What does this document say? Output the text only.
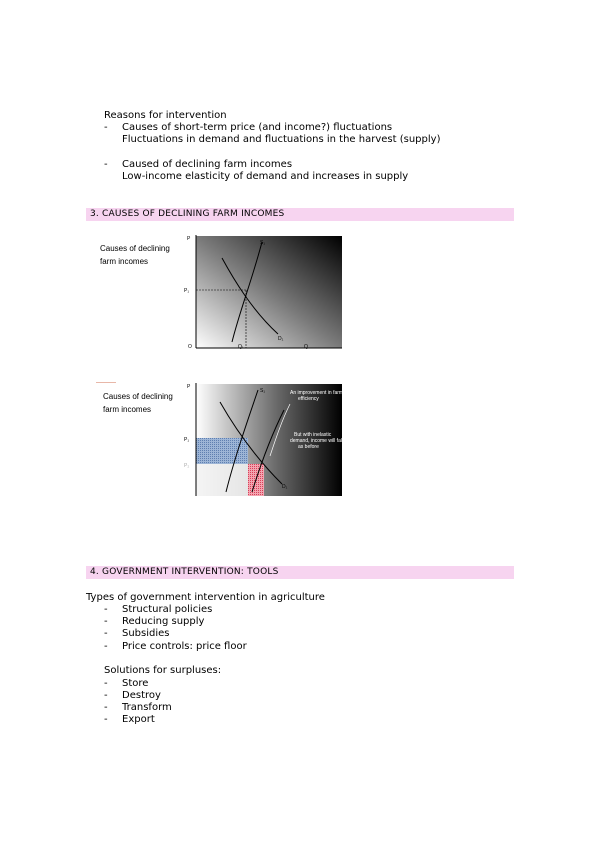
Reasons for intervention
- Causes of short-term price (and income?) fluctuations
Fluctuations in demand and fluctuations in the harvest (supply)
- Caused of declining farm incomes
Low-income elasticity of demand and increases in supply
3. CAUSES OF DECLINING FARM INCOMES
Causes of declining
farm incomes
P
P₁
O	Q₁	Q
S₁
D₁
Causes of declining
farm incomes
P
P₁
P₂
S₁
D₁
An improvement in farm
efficiency
But with inelastic
demand, income will fall
as before
4. GOVERNMENT INTERVENTION: TOOLS
Types of government intervention in agriculture
- Structural policies
- Reducing supply
- Subsidies
- Price controls: price floor
Solutions for surpluses:
- Store
- Destroy
- Transform
- Export
